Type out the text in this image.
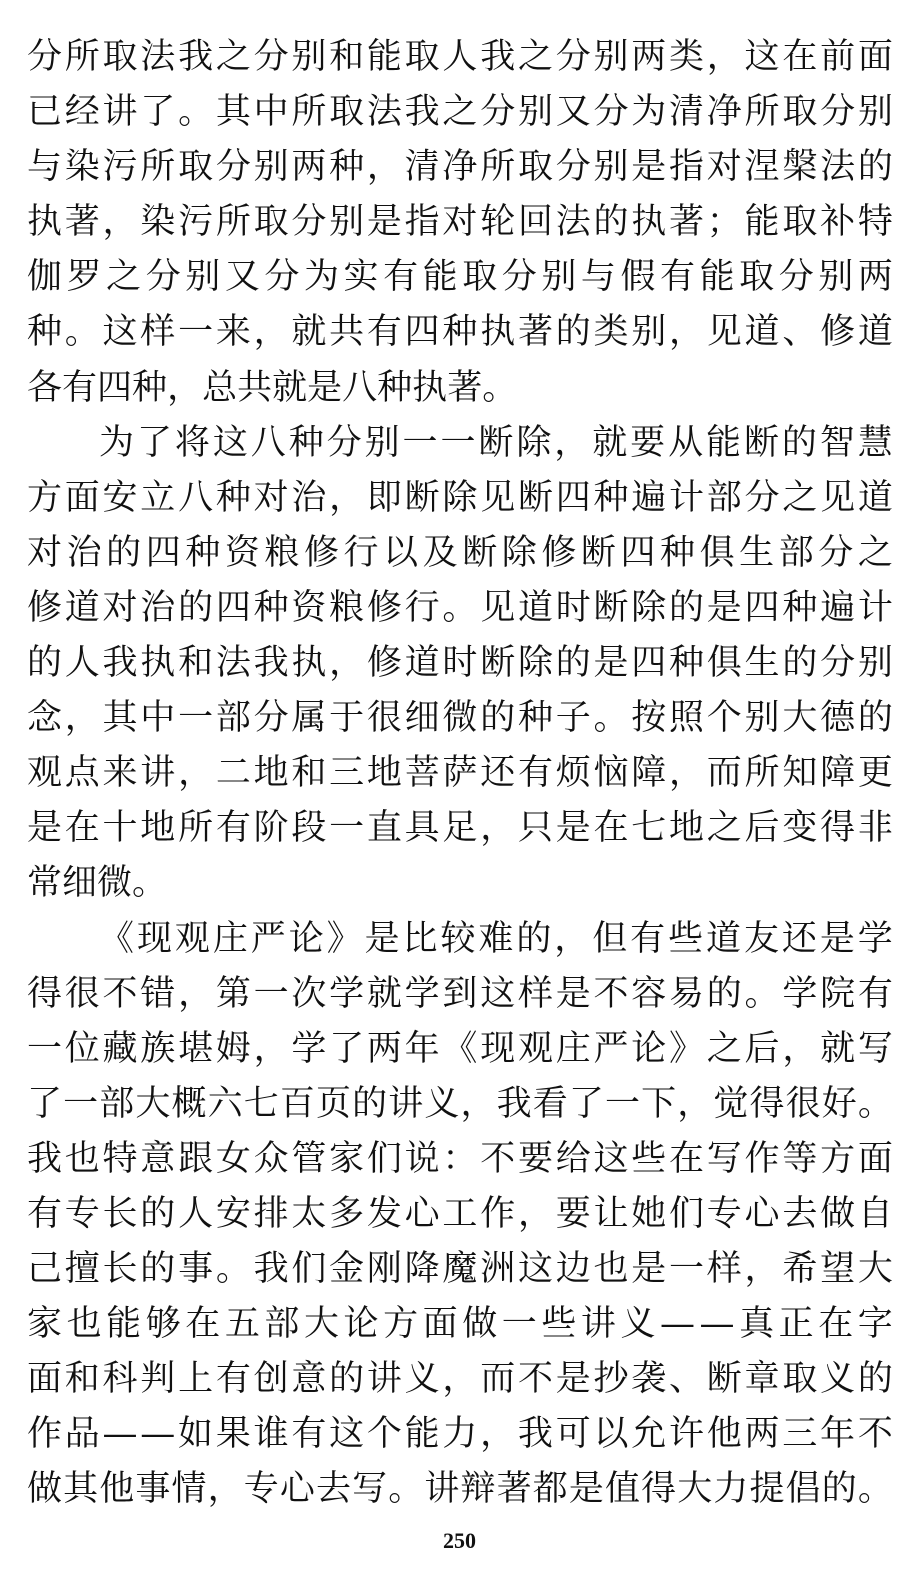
分 所 取 法 我 之 分 别 和 能 取 人 我 之 分 别 两 类 ， 这 在 前 面
已 经 讲 了 。 其 中 所 取 法 我 之 分 别 又 分 为 清 净 所 取 分 别
与 染 污 所 取 分 别 两 种 ， 清 净 所 取 分 别 是 指 对 涅 槃 法 的
执 著 ， 染 污 所 取 分 别 是 指 对 轮 回 法 的 执 著 ； 能 取 补 特
伽 罗 之 分 别 又 分 为 实 有 能 取 分 别 与 假 有 能 取 分 别 两
种 。 这 样 一 来 ， 就 共 有 四 种 执 著 的 类 别 ， 见 道 、 修 道
各 有 四 种 ， 总 共 就 是 八 种 执 著 。
为 了 将 这 八 种 分 别 一 一 断 除 ， 就 要 从 能 断 的 智 慧
方 面 安 立 八 种 对 治 ， 即 断 除 见 断 四 种 遍 计 部 分 之 见 道
对 治 的 四 种 资 粮 修 行 以 及 断 除 修 断 四 种 俱 生 部 分 之
修 道 对 治 的 四 种 资 粮 修 行 。 见 道 时 断 除 的 是 四 种 遍 计
的 人 我 执 和 法 我 执 ， 修 道 时 断 除 的 是 四 种 俱 生 的 分 别
念 ， 其 中 一 部 分 属 于 很 细 微 的 种 子 。 按 照 个 别 大 德 的
观 点 来 讲 ， 二 地 和 三 地 菩 萨 还 有 烦 恼 障 ， 而 所 知 障 更
是 在 十 地 所 有 阶 段 一 直 具 足 ， 只 是 在 七 地 之 后 变 得 非
常 细 微 。
《 现 观 庄 严 论 》 是 比 较 难 的 ， 但 有 些 道 友 还 是 学
得 很 不 错 ， 第 一 次 学 就 学 到 这 样 是 不 容 易 的 。 学 院 有
一 位 藏 族 堪 姆 ， 学 了 两 年 《 现 观 庄 严 论 》 之 后 ， 就 写
了 一 部 大 概 六 七 百 页 的 讲 义 ， 我 看 了 一 下 ， 觉 得 很 好 。
我 也 特 意 跟 女 众 管 家 们 说 ： 不 要 给 这 些 在 写 作 等 方 面
有 专 长 的 人 安 排 太 多 发 心 工 作 ， 要 让 她 们 专 心 去 做 自
己 擅 长 的 事 。 我 们 金 刚 降 魔 洲 这 边 也 是 一 样 ， 希 望 大
家 也 能 够 在 五 部 大 论 方 面 做 一 些 讲 义 — — 真 正 在 字
面 和 科 判 上 有 创 意 的 讲 义 ， 而 不 是 抄 袭 、 断 章 取 义 的
作 品 — — 如 果 谁 有 这 个 能 力 ， 我 可 以 允 许 他 两 三 年 不
做 其 他 事 情 ， 专 心 去 写 。 讲 辩 著 都 是 值 得 大 力 提 倡 的 。
250
